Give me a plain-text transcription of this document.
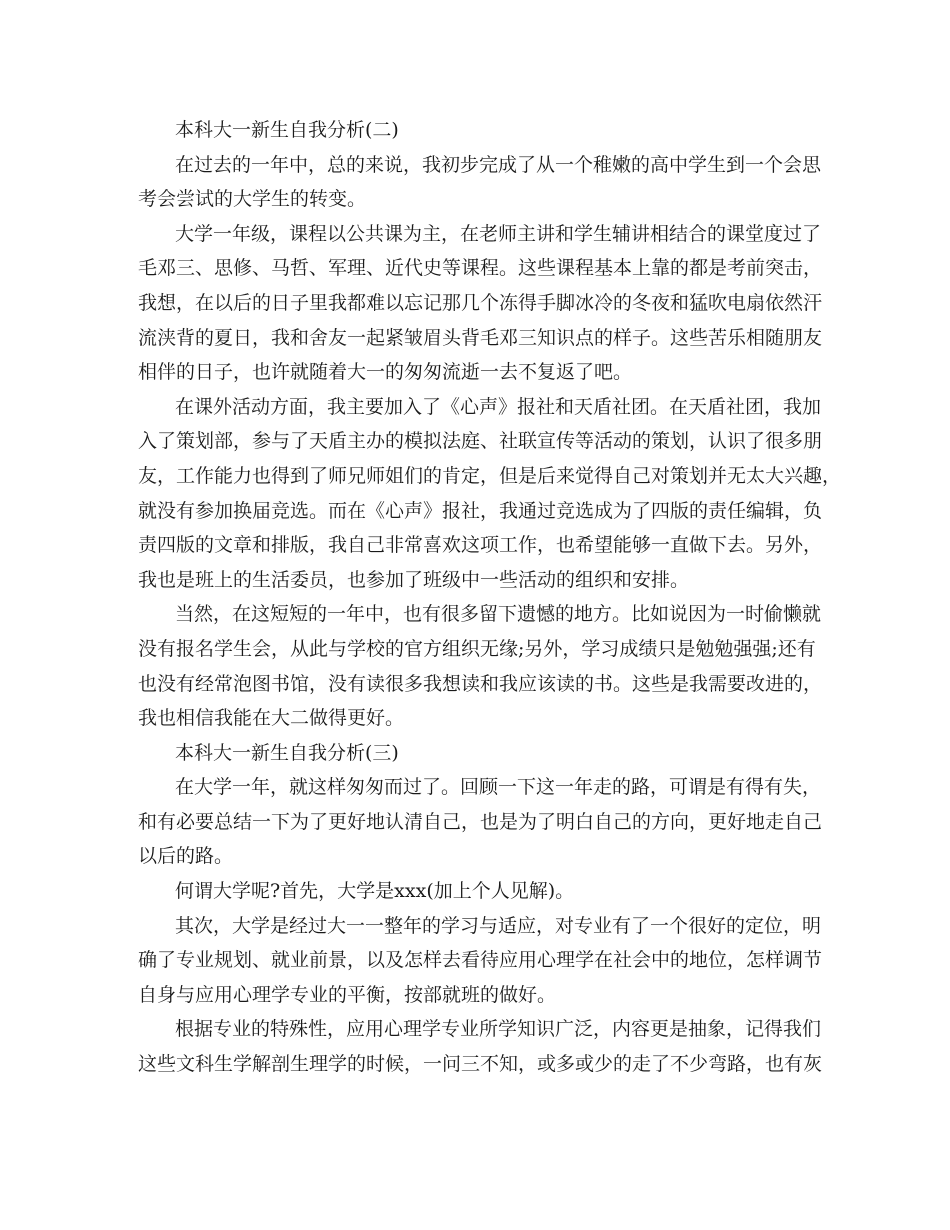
本科大一新生自我分析(二)
在过去的一年中，总的来说，我初步完成了从一个稚嫩的高中学生到一个会思
考会尝试的大学生的转变。
大学一年级，课程以公共课为主，在老师主讲和学生辅讲相结合的课堂度过了
毛邓三、思修、马哲、军理、近代史等课程。这些课程基本上靠的都是考前突击，
我想，在以后的日子里我都难以忘记那几个冻得手脚冰冷的冬夜和猛吹电扇依然汗
流浃背的夏日，我和舍友一起紧皱眉头背毛邓三知识点的样子。这些苦乐相随朋友
相伴的日子，也许就随着大一的匆匆流逝一去不复返了吧。
在课外活动方面，我主要加入了《心声》报社和天盾社团。在天盾社团，我加
入了策划部，参与了天盾主办的模拟法庭、社联宣传等活动的策划，认识了很多朋
友，工作能力也得到了师兄师姐们的肯定，但是后来觉得自己对策划并无太大兴趣，
就没有参加换届竞选。而在《心声》报社，我通过竞选成为了四版的责任编辑，负
责四版的文章和排版，我自己非常喜欢这项工作，也希望能够一直做下去。另外，
我也是班上的生活委员，也参加了班级中一些活动的组织和安排。
当然，在这短短的一年中，也有很多留下遗憾的地方。比如说因为一时偷懒就
没有报名学生会，从此与学校的官方组织无缘;另外，学习成绩只是勉勉强强;还有
也没有经常泡图书馆，没有读很多我想读和我应该读的书。这些是我需要改进的，
我也相信我能在大二做得更好。
本科大一新生自我分析(三)
在大学一年，就这样匆匆而过了。回顾一下这一年走的路，可谓是有得有失，
和有必要总结一下为了更好地认清自己，也是为了明白自己的方向，更好地走自己
以后的路。
何谓大学呢?首先，大学是xxx(加上个人见解)。
其次，大学是经过大一一整年的学习与适应，对专业有了一个很好的定位，明
确了专业规划、就业前景，以及怎样去看待应用心理学在社会中的地位，怎样调节
自身与应用心理学专业的平衡，按部就班的做好。
根据专业的特殊性，应用心理学专业所学知识广泛，内容更是抽象，记得我们
这些文科生学解剖生理学的时候，一问三不知，或多或少的走了不少弯路，也有灰
